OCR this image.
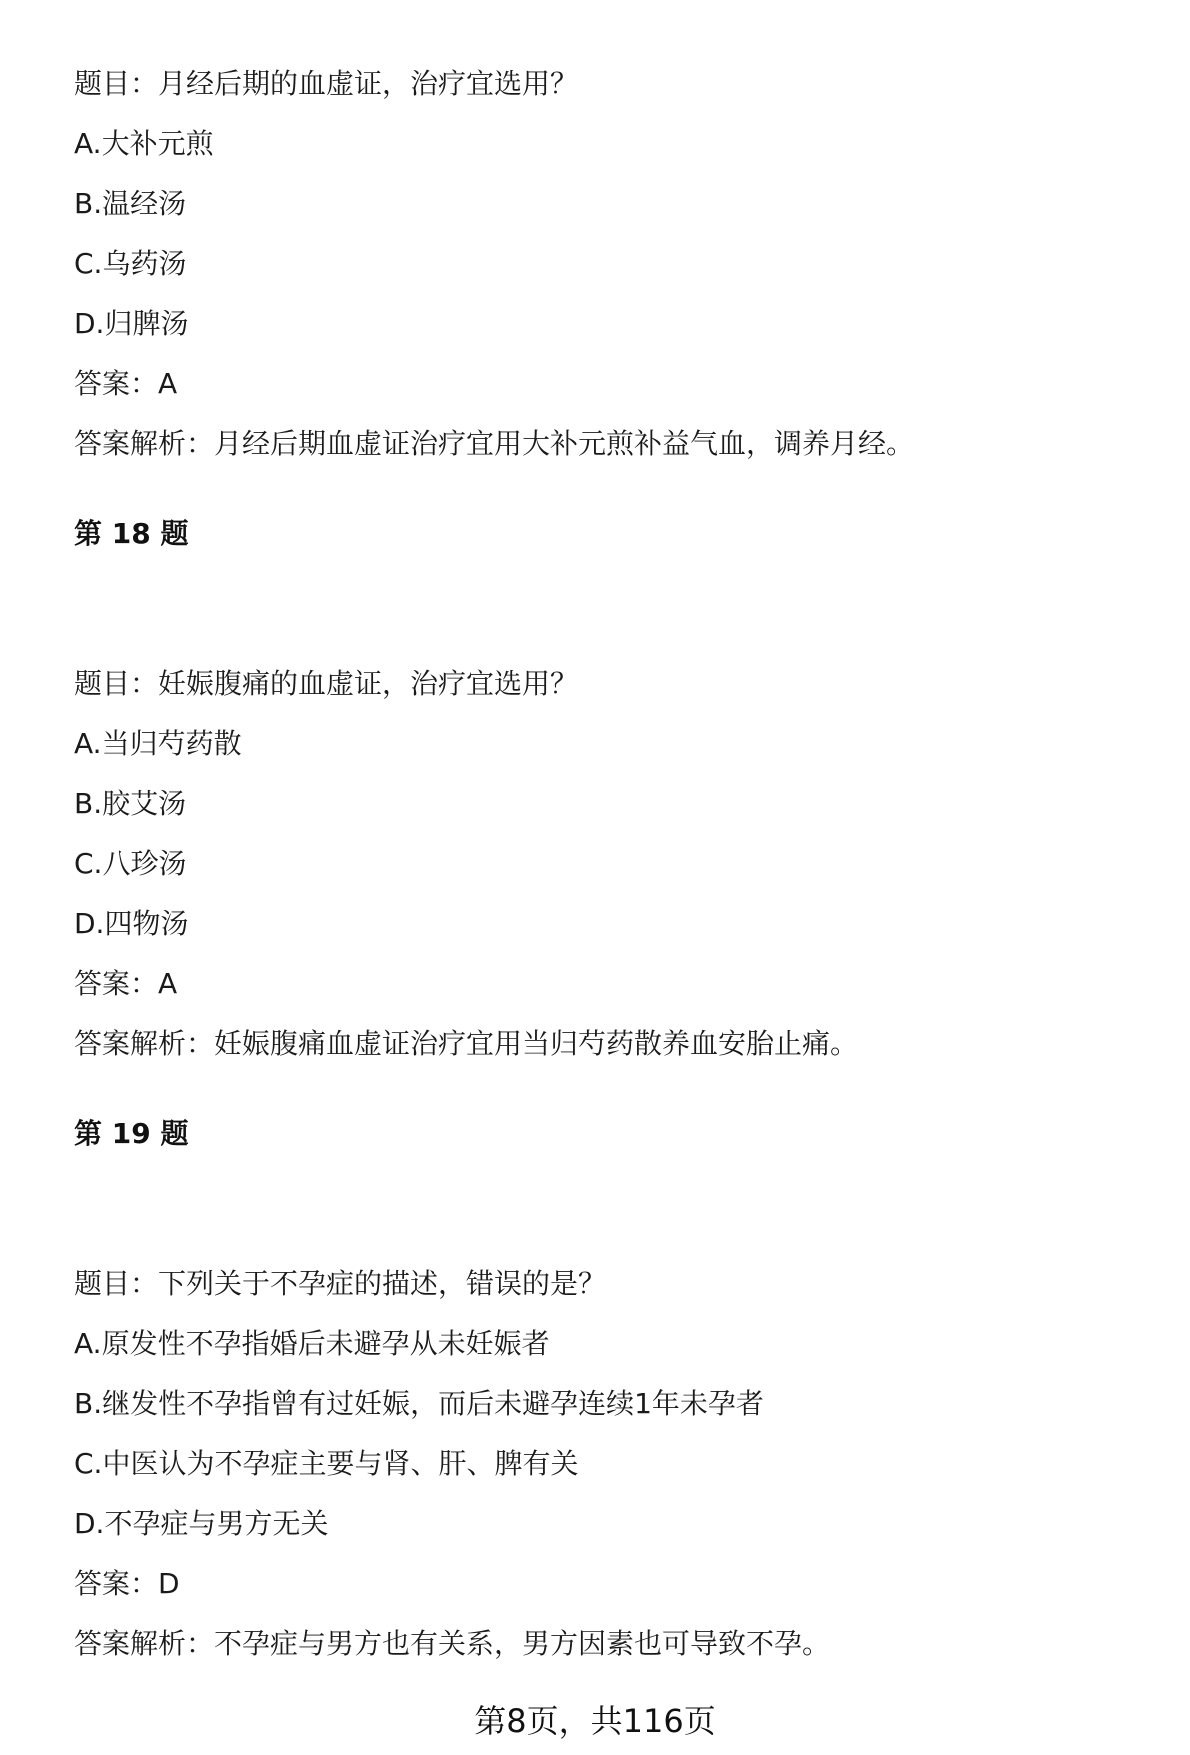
题目：月经后期的血虚证，治疗宜选用？
A.大补元煎
B.温经汤
C.乌药汤
D.归脾汤
答案：A
答案解析：月经后期血虚证治疗宜用大补元煎补益气血，调养月经。
第 18 题
题目：妊娠腹痛的血虚证，治疗宜选用？
A.当归芍药散
B.胶艾汤
C.八珍汤
D.四物汤
答案：A
答案解析：妊娠腹痛血虚证治疗宜用当归芍药散养血安胎止痛。
第 19 题
题目：下列关于不孕症的描述，错误的是？
A.原发性不孕指婚后未避孕从未妊娠者
B.继发性不孕指曾有过妊娠，而后未避孕连续1年未孕者
C.中医认为不孕症主要与肾、肝、脾有关
D.不孕症与男方无关
答案：D
答案解析：不孕症与男方也有关系，男方因素也可导致不孕。
第8页，共116页
